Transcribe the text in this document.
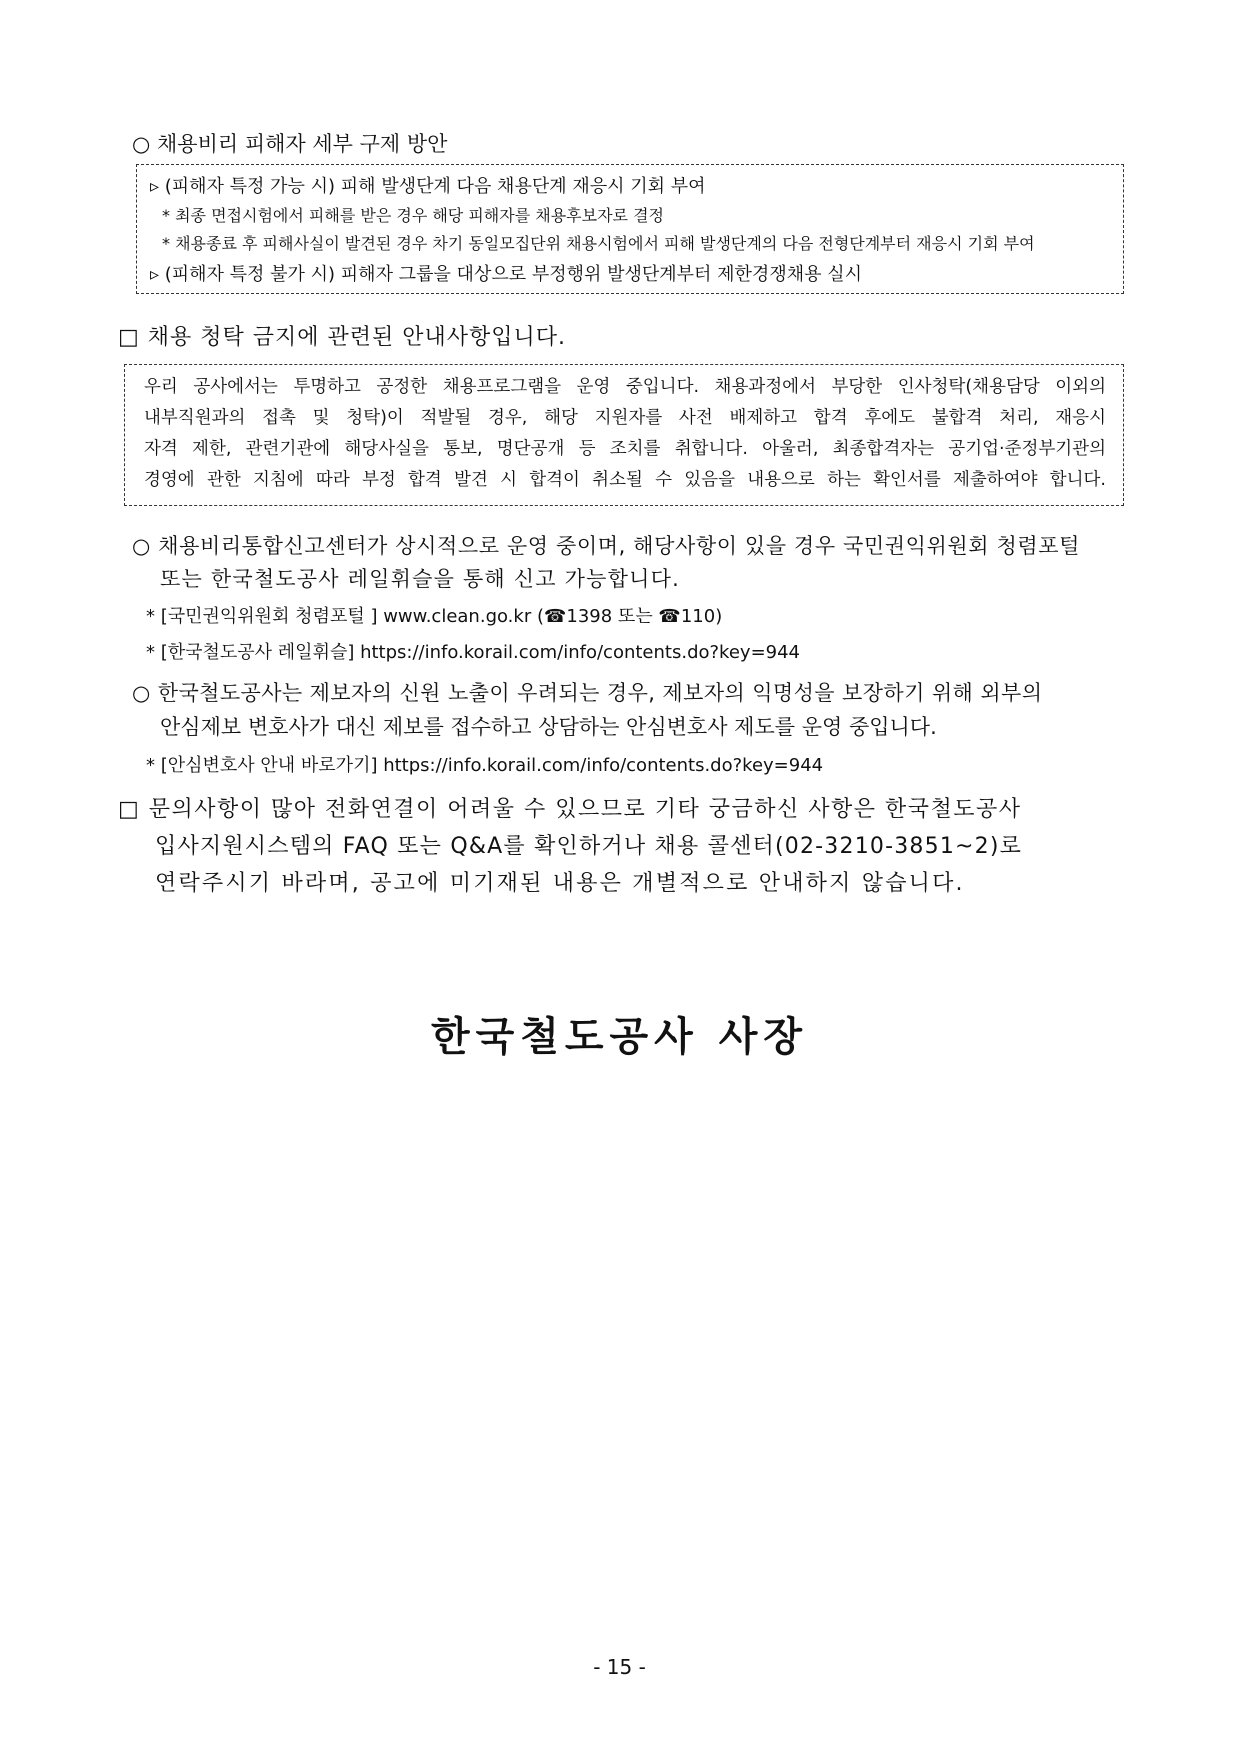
○ 채용비리 피해자 세부 구제 방안
▹ (피해자 특정 가능 시) 피해 발생단계 다음 채용단계 재응시 기회 부여
* 최종 면접시험에서 피해를 받은 경우 해당 피해자를 채용후보자로 결정
* 채용종료 후 피해사실이 발견된 경우 차기 동일모집단위 채용시험에서 피해 발생단계의 다음 전형단계부터 재응시 기회 부여
▹ (피해자 특정 불가 시) 피해자 그룹을 대상으로 부정행위 발생단계부터 제한경쟁채용 실시
□ 채용 청탁 금지에 관련된 안내사항입니다.
우리 공사에서는 투명하고 공정한 채용프로그램을 운영 중입니다. 채용과정에서 부당한 인사청탁(채용담당 이외의
내부직원과의 접촉 및 청탁)이 적발될 경우, 해당 지원자를 사전 배제하고 합격 후에도 불합격 처리, 재응시
자격 제한, 관련기관에 해당사실을 통보, 명단공개 등 조치를 취합니다. 아울러, 최종합격자는 공기업·준정부기관의
경영에 관한 지침에 따라 부정 합격 발견 시 합격이 취소될 수 있음을 내용으로 하는 확인서를 제출하여야 합니다.
○ 채용비리통합신고센터가 상시적으로 운영 중이며, 해당사항이 있을 경우 국민권익위원회 청렴포털
또는 한국철도공사 레일휘슬을 통해 신고 가능합니다.
* [국민권익위원회 청렴포털 ] www.clean.go.kr (☎1398 또는 ☎110)
* [한국철도공사 레일휘슬] https://info.korail.com/info/contents.do?key=944
○ 한국철도공사는 제보자의 신원 노출이 우려되는 경우, 제보자의 익명성을 보장하기 위해 외부의
안심제보 변호사가 대신 제보를 접수하고 상담하는 안심변호사 제도를 운영 중입니다.
* [안심변호사 안내 바로가기] https://info.korail.com/info/contents.do?key=944
□ 문의사항이 많아 전화연결이 어려울 수 있으므로 기타 궁금하신 사항은 한국철도공사
입사지원시스템의 FAQ 또는 Q&A를 확인하거나 채용 콜센터(02-3210-3851~2)로
연락주시기 바라며, 공고에 미기재된 내용은 개별적으로 안내하지 않습니다.
한국철도공사 사장
- 15 -
